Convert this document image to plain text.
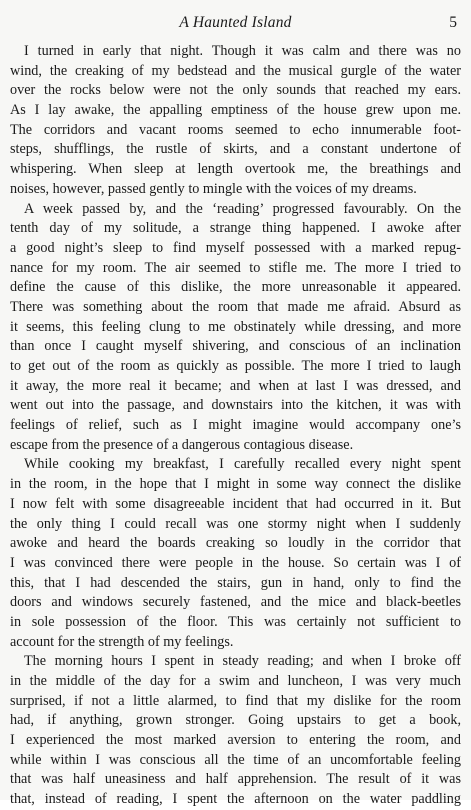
A Haunted Island	5
I turned in early that night. Though it was calm and there was no
wind, the creaking of my bedstead and the musical gurgle of the water
over the rocks below were not the only sounds that reached my ears.
As I lay awake, the appalling emptiness of the house grew upon me.
The corridors and vacant rooms seemed to echo innumerable foot-
steps, shufflings, the rustle of skirts, and a constant undertone of
whispering. When sleep at length overtook me, the breathings and
noises, however, passed gently to mingle with the voices of my dreams.
A week passed by, and the ‘reading’ progressed favourably. On the
tenth day of my solitude, a strange thing happened. I awoke after
a good night’s sleep to find myself possessed with a marked repug-
nance for my room. The air seemed to stifle me. The more I tried to
define the cause of this dislike, the more unreasonable it appeared.
There was something about the room that made me afraid. Absurd as
it seems, this feeling clung to me obstinately while dressing, and more
than once I caught myself shivering, and conscious of an inclination
to get out of the room as quickly as possible. The more I tried to laugh
it away, the more real it became; and when at last I was dressed, and
went out into the passage, and downstairs into the kitchen, it was with
feelings of relief, such as I might imagine would accompany one’s
escape from the presence of a dangerous contagious disease.
While cooking my breakfast, I carefully recalled every night spent
in the room, in the hope that I might in some way connect the dislike
I now felt with some disagreeable incident that had occurred in it. But
the only thing I could recall was one stormy night when I suddenly
awoke and heard the boards creaking so loudly in the corridor that
I was convinced there were people in the house. So certain was I of
this, that I had descended the stairs, gun in hand, only to find the
doors and windows securely fastened, and the mice and black-beetles
in sole possession of the floor. This was certainly not sufficient to
account for the strength of my feelings.
The morning hours I spent in steady reading; and when I broke off
in the middle of the day for a swim and luncheon, I was very much
surprised, if not a little alarmed, to find that my dislike for the room
had, if anything, grown stronger. Going upstairs to get a book,
I experienced the most marked aversion to entering the room, and
while within I was conscious all the time of an uncomfortable feeling
that was half uneasiness and half apprehension. The result of it was
that, instead of reading, I spent the afternoon on the water paddling
